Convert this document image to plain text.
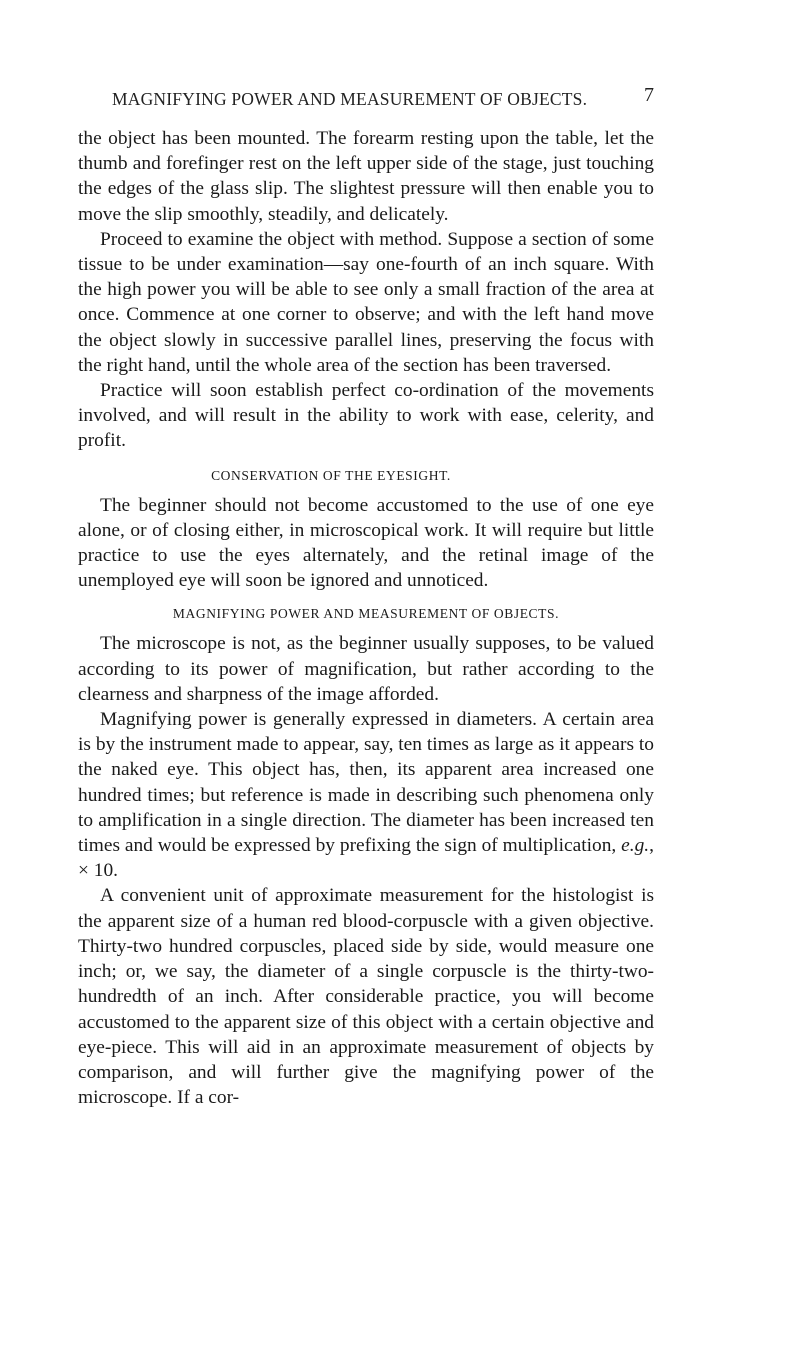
MAGNIFYING POWER AND MEASUREMENT OF OBJECTS.	7

the object has been mounted. The forearm resting upon the table, let the thumb and forefinger rest on the left upper side of the stage, just touching the edges of the glass slip. The slightest pressure will then enable you to move the slip smoothly, steadily, and delicately.

Proceed to examine the object with method. Suppose a section of some tissue to be under examination—say one-fourth of an inch square. With the high power you will be able to see only a small fraction of the area at once. Commence at one corner to observe; and with the left hand move the object slowly in successive parallel lines, preserving the focus with the right hand, until the whole area of the section has been traversed.

Practice will soon establish perfect co-ordination of the movements involved, and will result in the ability to work with ease, celerity, and profit.

CONSERVATION OF THE EYESIGHT.

The beginner should not become accustomed to the use of one eye alone, or of closing either, in microscopical work. It will require but little practice to use the eyes alternately, and the retinal image of the unemployed eye will soon be ignored and unnoticed.

MAGNIFYING POWER AND MEASUREMENT OF OBJECTS.

The microscope is not, as the beginner usually supposes, to be valued according to its power of magnification, but rather according to the clearness and sharpness of the image afforded.

Magnifying power is generally expressed in diameters. A certain area is by the instrument made to appear, say, ten times as large as it appears to the naked eye. This object has, then, its apparent area increased one hundred times; but reference is made in describing such phenomena only to amplification in a single direction. The diameter has been increased ten times and would be expressed by prefixing the sign of multiplication, e.g., × 10.

A convenient unit of approximate measurement for the histologist is the apparent size of a human red blood-corpuscle with a given objective. Thirty-two hundred corpuscles, placed side by side, would measure one inch; or, we say, the diameter of a single corpuscle is the thirty-two-hundredth of an inch. After considerable practice, you will become accustomed to the apparent size of this object with a certain objective and eye-piece. This will aid in an approximate measurement of objects by comparison, and will further give the magnifying power of the microscope. If a cor-
